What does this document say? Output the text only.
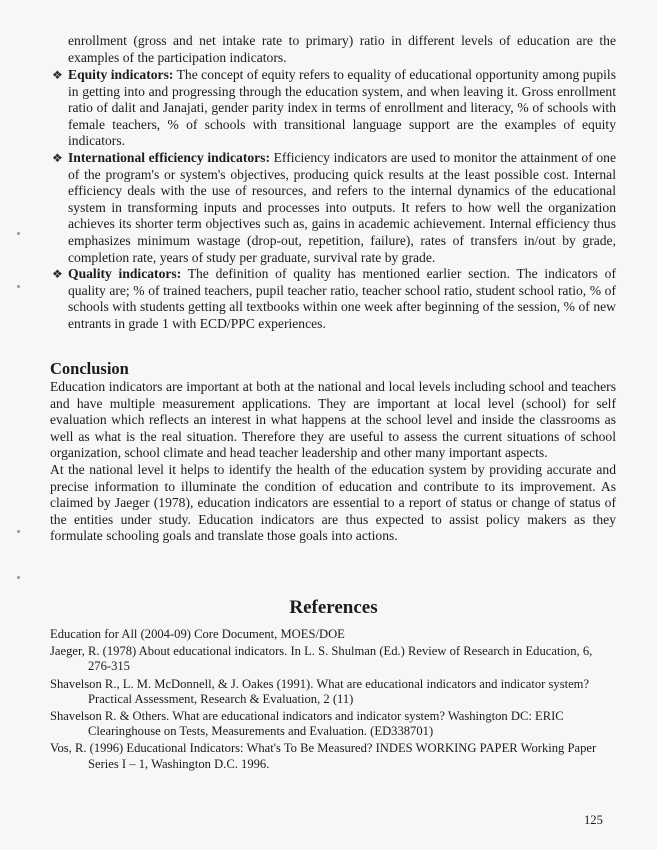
enrollment (gross and net intake rate to primary) ratio in different levels of education are the examples of the participation indicators.

❖ Equity indicators: The concept of equity refers to equality of educational opportunity among pupils in getting into and progressing through the education system, and when leaving it. Gross enrollment ratio of dalit and Janajati, gender parity index in terms of enrollment and literacy, % of schools with female teachers, % of schools with transitional language support are the examples of equity indicators.
❖ International efficiency indicators: Efficiency indicators are used to monitor the attainment of one of the program's or system's objectives, producing quick results at the least possible cost. Internal efficiency deals with the use of resources, and refers to the internal dynamics of the educational system in transforming inputs and processes into outputs. It refers to how well the organization achieves its shorter term objectives such as, gains in academic achievement. Internal efficiency thus emphasizes minimum wastage (drop-out, repetition, failure), rates of transfers in/out by grade, completion rate, years of study per graduate, survival rate by grade.
❖ Quality indicators: The definition of quality has mentioned earlier section. The indicators of quality are; % of trained teachers, pupil teacher ratio, teacher school ratio, student school ratio, % of schools with students getting all textbooks within one week after beginning of the session, % of new entrants in grade 1 with ECD/PPC experiences.
Conclusion

Education indicators are important at both at the national and local levels including school and teachers and have multiple measurement applications. They are important at local level (school) for self evaluation which reflects an interest in what happens at the school level and inside the classrooms as well as what is the real situation. Therefore they are useful to assess the current situations of school organization, school climate and head teacher leadership and other many important aspects.

At the national level it helps to identify the health of the education system by providing accurate and precise information to illuminate the condition of education and contribute to its improvement. As claimed by Jaeger (1978), education indicators are essential to a report of status or change of status of the entities under study. Education indicators are thus expected to assist policy makers as they formulate schooling goals and translate those goals into actions.

References
Education for All (2004-09) Core Document, MOES/DOE
Jaeger, R. (1978) About educational indicators. In L. S. Shulman (Ed.) Review of Research in Education, 6, 276-315
Shavelson R., L. M. McDonnell, & J. Oakes (1991). What are educational indicators and indicator system? Practical Assessment, Research & Evaluation, 2 (11)
Shavelson R. & Others. What are educational indicators and indicator system? Washington DC: ERIC Clearinghouse on Tests, Measurements and Evaluation. (ED338701)
Vos, R. (1996) Educational Indicators: What's To Be Measured? INDES WORKING PAPER Working Paper Series I – 1, Washington D.C. 1996.

125
